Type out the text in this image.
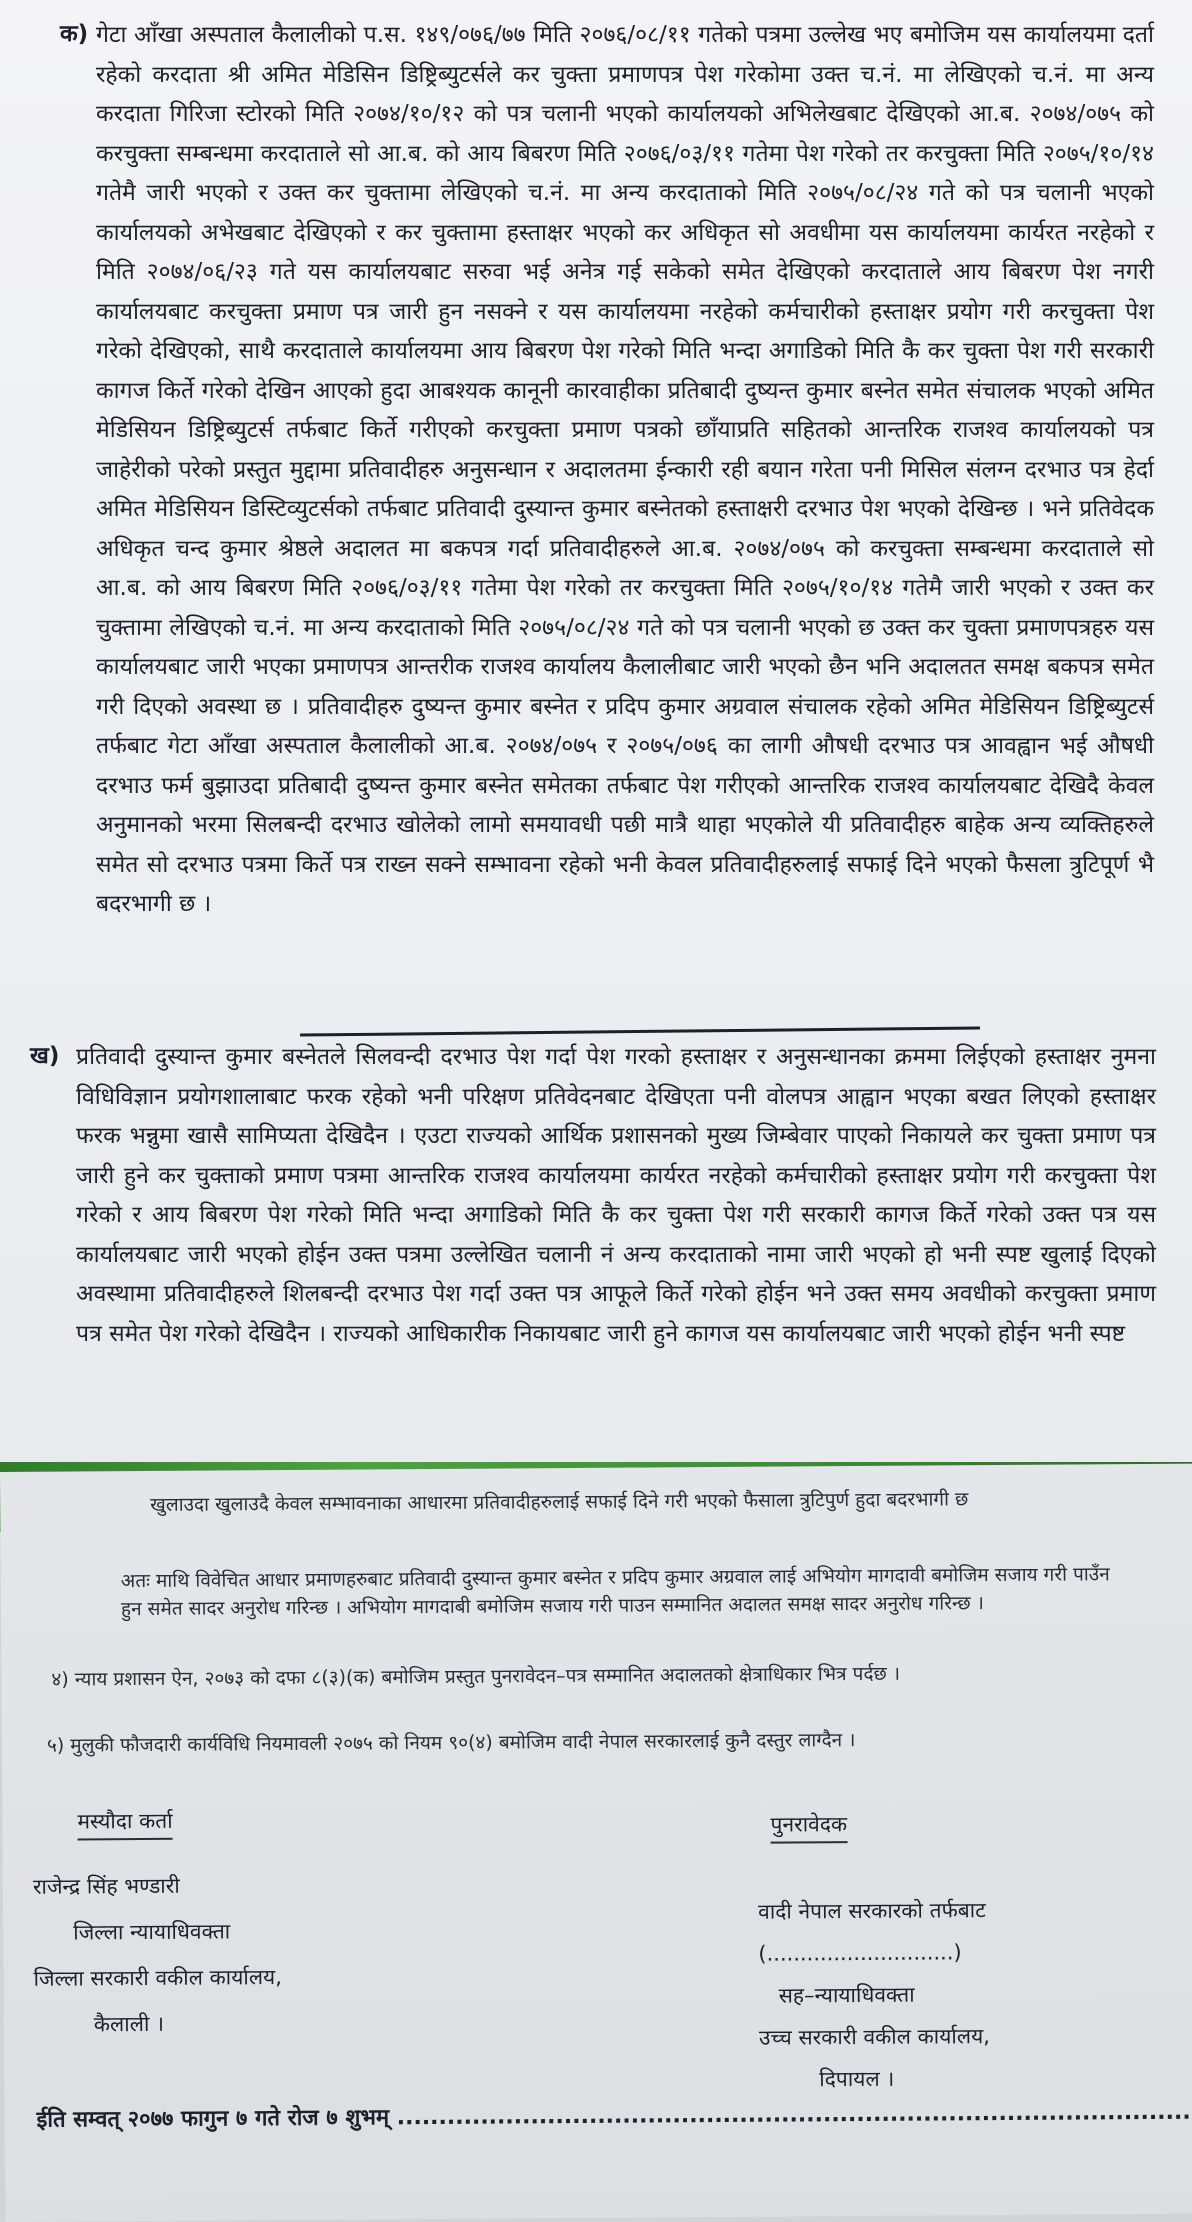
क) गेटा आँखा अस्पताल कैलालीको प.स. १४९/०७६/७७ मिति २०७६/०८/११ गतेको पत्रमा उल्लेख भए बमोजिम यस कार्यालयमा दर्ता रहेको करदाता श्री अमित मेडिसिन डिष्ट्रिब्युटर्सले कर चुक्ता प्रमाणपत्र पेश गरेकोमा उक्त च.नं. मा लेखिएको च.नं. मा अन्य करदाता गिरिजा स्टोरको मिति २०७४/१०/१२ को पत्र चलानी भएको कार्यालयको अभिलेखबाट देखिएको आ.ब. २०७४/०७५ को करचुक्ता सम्बन्धमा करदाताले सो आ.ब. को आय बिबरण मिति २०७६/०३/११ गतेमा पेश गरेको तर करचुक्ता मिति २०७५/१०/१४ गतेमै जारी भएको र उक्त कर चुक्तामा लेखिएको च.नं. मा अन्य करदाताको मिति २०७५/०८/२४ गते को पत्र चलानी भएको कार्यालयको अभेखबाट देखिएको र कर चुक्तामा हस्ताक्षर भएको कर अधिकृत सो अवधीमा यस कार्यालयमा कार्यरत नरहेको र मिति २०७४/०६/२३ गते यस कार्यालयबाट सरुवा भई अनेत्र गई सकेको समेत देखिएको करदाताले आय बिबरण पेश नगरी कार्यालयबाट करचुक्ता प्रमाण पत्र जारी हुन नसक्ने र यस कार्यालयमा नरहेको कर्मचारीको हस्ताक्षर प्रयोग गरी करचुक्ता पेश गरेको देखिएको, साथै करदाताले कार्यालयमा आय बिबरण पेश गरेको मिति भन्दा अगाडिको मिति कै कर चुक्ता पेश गरी सरकारी कागज किर्ते गरेको देखिन आएको हुदा आबश्यक कानूनी कारवाहीका प्रतिबादी दुष्यन्त कुमार बस्नेत समेत संचालक भएको अमित मेडिसियन डिष्ट्रिब्युटर्स तर्फबाट किर्ते गरीएको करचुक्ता प्रमाण पत्रको छाँयाप्रति सहितको आन्तरिक राजश्व कार्यालयको पत्र जाहेरीको परेको प्रस्तुत मुद्दामा प्रतिवादीहरु अनुसन्धान र अदालतमा ईन्कारी रही बयान गरेता पनी मिसिल संलग्न दरभाउ पत्र हेर्दा अमित मेडिसियन डिस्टिव्युटर्सको तर्फबाट प्रतिवादी दुस्यान्त कुमार बस्नेतको हस्ताक्षरी दरभाउ पेश भएको देखिन्छ । भने प्रतिवेदक अधिकृत चन्द कुमार श्रेष्ठले अदालत मा बकपत्र गर्दा प्रतिवादीहरुले आ.ब. २०७४/०७५ को करचुक्ता सम्बन्धमा करदाताले सो आ.ब. को आय बिबरण मिति २०७६/०३/११ गतेमा पेश गरेको तर करचुक्ता मिति २०७५/१०/१४ गतेमै जारी भएको र उक्त कर चुक्तामा लेखिएको च.नं. मा अन्य करदाताको मिति २०७५/०८/२४ गते को पत्र चलानी भएको छ उक्त कर चुक्ता प्रमाणपत्रहरु यस कार्यालयबाट जारी भएका प्रमाणपत्र आन्तरीक राजश्व कार्यालय कैलालीबाट जारी भएको छैन भनि अदालतत समक्ष बकपत्र समेत गरी दिएको अवस्था छ । प्रतिवादीहरु दुष्यन्त कुमार बस्नेत र प्रदिप कुमार अग्रवाल संचालक रहेको अमित मेडिसियन डिष्ट्रिब्युटर्स तर्फबाट गेटा आँखा अस्पताल कैलालीको आ.ब. २०७४/०७५ र २०७५/०७६ का लागी औषधी दरभाउ पत्र आवह्वान भई औषधी दरभाउ फर्म बुझाउदा प्रतिबादी दुष्यन्त कुमार बस्नेत समेतका तर्फबाट पेश गरीएको आन्तरिक राजश्व कार्यालयबाट देखिदै केवल अनुमानको भरमा सिलबन्दी दरभाउ खोलेको लामो समयावधी पछी मात्रै थाहा भएकोले यी प्रतिवादीहरु बाहेक अन्य व्यक्तिहरुले समेत सो दरभाउ पत्रमा किर्ते पत्र राख्न सक्ने सम्भावना रहेको भनी केवल प्रतिवादीहरुलाई सफाई दिने भएको फैसला त्रुटिपूर्ण भै बदरभागी छ ।
ख) प्रतिवादी दुस्यान्त कुमार बस्नेतले सिलवन्दी दरभाउ पेश गर्दा पेश गरको हस्ताक्षर र अनुसन्धानका क्रममा लिईएको हस्ताक्षर नुमना विधिविज्ञान प्रयोगशालाबाट फरक रहेको भनी परिक्षण प्रतिवेदनबाट देखिएता पनी वोलपत्र आह्वान भएका बखत लिएको हस्ताक्षर फरक भन्नुमा खासै सामिप्यता देखिदैन । एउटा राज्यको आर्थिक प्रशासनको मुख्य जिम्बेवार पाएको निकायले कर चुक्ता प्रमाण पत्र जारी हुने कर चुक्ताको प्रमाण पत्रमा आन्तरिक राजश्व कार्यालयमा कार्यरत नरहेको कर्मचारीको हस्ताक्षर प्रयोग गरी करचुक्ता पेश गरेको र आय बिबरण पेश गरेको मिति भन्दा अगाडिको मिति कै कर चुक्ता पेश गरी सरकारी कागज किर्ते गरेको उक्त पत्र यस कार्यालयबाट जारी भएको होईन उक्त पत्रमा उल्लेखित चलानी नं अन्य करदाताको नामा जारी भएको हो भनी स्पष्ट खुलाई दिएको अवस्थामा प्रतिवादीहरुले शिलबन्दी दरभाउ पेश गर्दा उक्त पत्र आफूले किर्ते गरेको होईन भने उक्त समय अवधीको करचुक्ता प्रमाण पत्र समेत पेश गरेको देखिदैन । राज्यको आधिकारीक निकायबाट जारी हुने कागज यस कार्यालयबाट जारी भएको होईन भनी स्पष्ट
खुलाउदा खुलाउदै केवल सम्भावनाका आधारमा प्रतिवादीहरुलाई सफाई दिने गरी भएको फैसाला त्रुटिपुर्ण हुदा बदरभागी छ
अतः माथि विवेचित आधार प्रमाणहरुबाट प्रतिवादी दुस्यान्त कुमार बस्नेत र प्रदिप कुमार अग्रवाल लाई अभियोग मागदावी बमोजिम सजाय गरी पाउँन हुन समेत सादर अनुरोध गरिन्छ । अभियोग मागदाबी बमोजिम सजाय गरी पाउन सम्मानित अदालत समक्ष सादर अनुरोध गरिन्छ ।
४) न्याय प्रशासन ऐन, २०७३ को दफा ८(३)(क) बमोजिम प्रस्तुत पुनरावेदन–पत्र सम्मानित अदालतको क्षेत्राधिकार भित्र पर्दछ ।
५) मुलुकी फौजदारी कार्यविधि नियमावली २०७५ को नियम ९०(४) बमोजिम वादी नेपाल सरकारलाई कुनै दस्तुर लाग्दैन ।
मस्यौदा कर्ता	पुनरावेदक
राजेन्द्र सिंह भण्डारी
जिल्ला न्यायाधिवक्ता
जिल्ला सरकारी वकील कार्यालय,
कैलाली ।
वादी नेपाल सरकारको तर्फबाट
(............................)
सह–न्यायाधिवक्ता
उच्च सरकारी वकील कार्यालय,
दिपायल ।
ईति सम्वत् २०७७ फागुन ७ गते रोज ७ शुभम् ...............................................................................................
